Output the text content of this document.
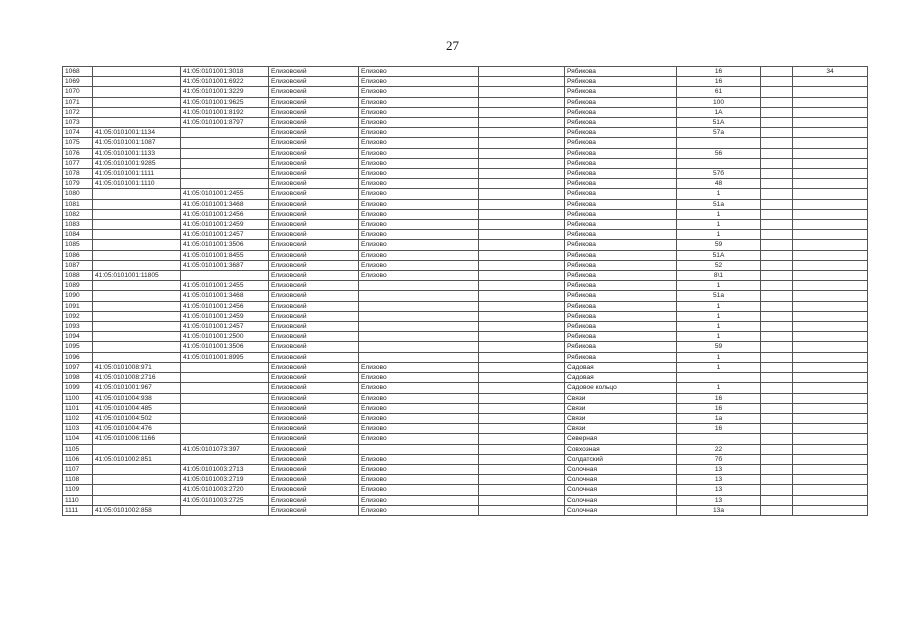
27
1068		41:05:0101001:3018	Елизовский	Елизово		Рябикова	16		34
1069		41:05:0101001:6922	Елизовский	Елизово		Рябикова	16		
1070		41:05:0101001:3229	Елизовский	Елизово		Рябикова	61		
1071		41:05:0101001:9625	Елизовский	Елизово		Рябикова	100		
1072		41:05:0101001:8192	Елизовский	Елизово		Рябикова	1А		
1073		41:05:0101001:8797	Елизовский	Елизово		Рябикова	51А		
1074	41:05:0101001:1134		Елизовский	Елизово		Рябикова	57а		
1075	41:05:0101001:1087		Елизовский	Елизово		Рябикова			
1076	41:05:0101001:1133		Елизовский	Елизово		Рябикова	56		
1077	41:05:0101001:9285		Елизовский	Елизово		Рябикова			
1078	41:05:0101001:1111		Елизовский	Елизово		Рябикова	57б		
1079	41:05:0101001:1110		Елизовский	Елизово		Рябикова	48		
1080		41:05:0101001:2455	Елизовский	Елизово		Рябикова	1		
1081		41:05:0101001:3468	Елизовский	Елизово		Рябикова	51а		
1082		41:05:0101001:2456	Елизовский	Елизово		Рябикова	1		
1083		41:05:0101001:2459	Елизовский	Елизово		Рябикова	1		
1084		41:05:0101001:2457	Елизовский	Елизово		Рябикова	1		
1085		41:05:0101001:3506	Елизовский	Елизово		Рябикова	59		
1086		41:05:0101001:8455	Елизовский	Елизово		Рябикова	51А		
1087		41:05:0101001:3687	Елизовский	Елизово		Рябикова	52		
1088	41:05:0101001:11805		Елизовский	Елизово		Рябикова	8\1		
1089		41:05:0101001:2455	Елизовский			Рябикова	1		
1090		41:05:0101001:3468	Елизовский			Рябикова	51а		
1091		41:05:0101001:2456	Елизовский			Рябикова	1		
1092		41:05:0101001:2459	Елизовский			Рябикова	1		
1093		41:05:0101001:2457	Елизовский			Рябикова	1		
1094		41:05:0101001:2500	Елизовский			Рябикова	1		
1095		41:05:0101001:3506	Елизовский			Рябикова	59		
1096		41:05:0101001:8995	Елизовский			Рябикова	1		
1097	41:05:0101008:971		Елизовский	Елизово		Садовая	1		
1098	41:05:0101008:2716		Елизовский	Елизово		Садовая			
1099	41:05:0101001:967		Елизовский	Елизово		Садовое кольцо	1		
1100	41:05:0101004:938		Елизовский	Елизово		Связи	16		
1101	41:05:0101004:485		Елизовский	Елизово		Связи	16		
1102	41:05:0101004:502		Елизовский	Елизово		Связи	1а		
1103	41:05:0101004:476		Елизовский	Елизово		Связи	16		
1104	41:05:0101006:1166		Елизовский	Елизово		Северная			
1105		41:05:0101073:397	Елизовский			Совхозная	22		
1106	41:05:0101002:851		Елизовский	Елизово		Солдатский	7б		
1107		41:05:0101003:2713	Елизовский	Елизово		Солочная	13		
1108		41:05:0101003:2719	Елизовский	Елизово		Солочная	13		
1109		41:05:0101003:2720	Елизовский	Елизово		Солочная	13		
1110		41:05:0101003:2725	Елизовский	Елизово		Солочная	13		
1111	41:05:0101002:858		Елизовский	Елизово		Солочная	13а		
